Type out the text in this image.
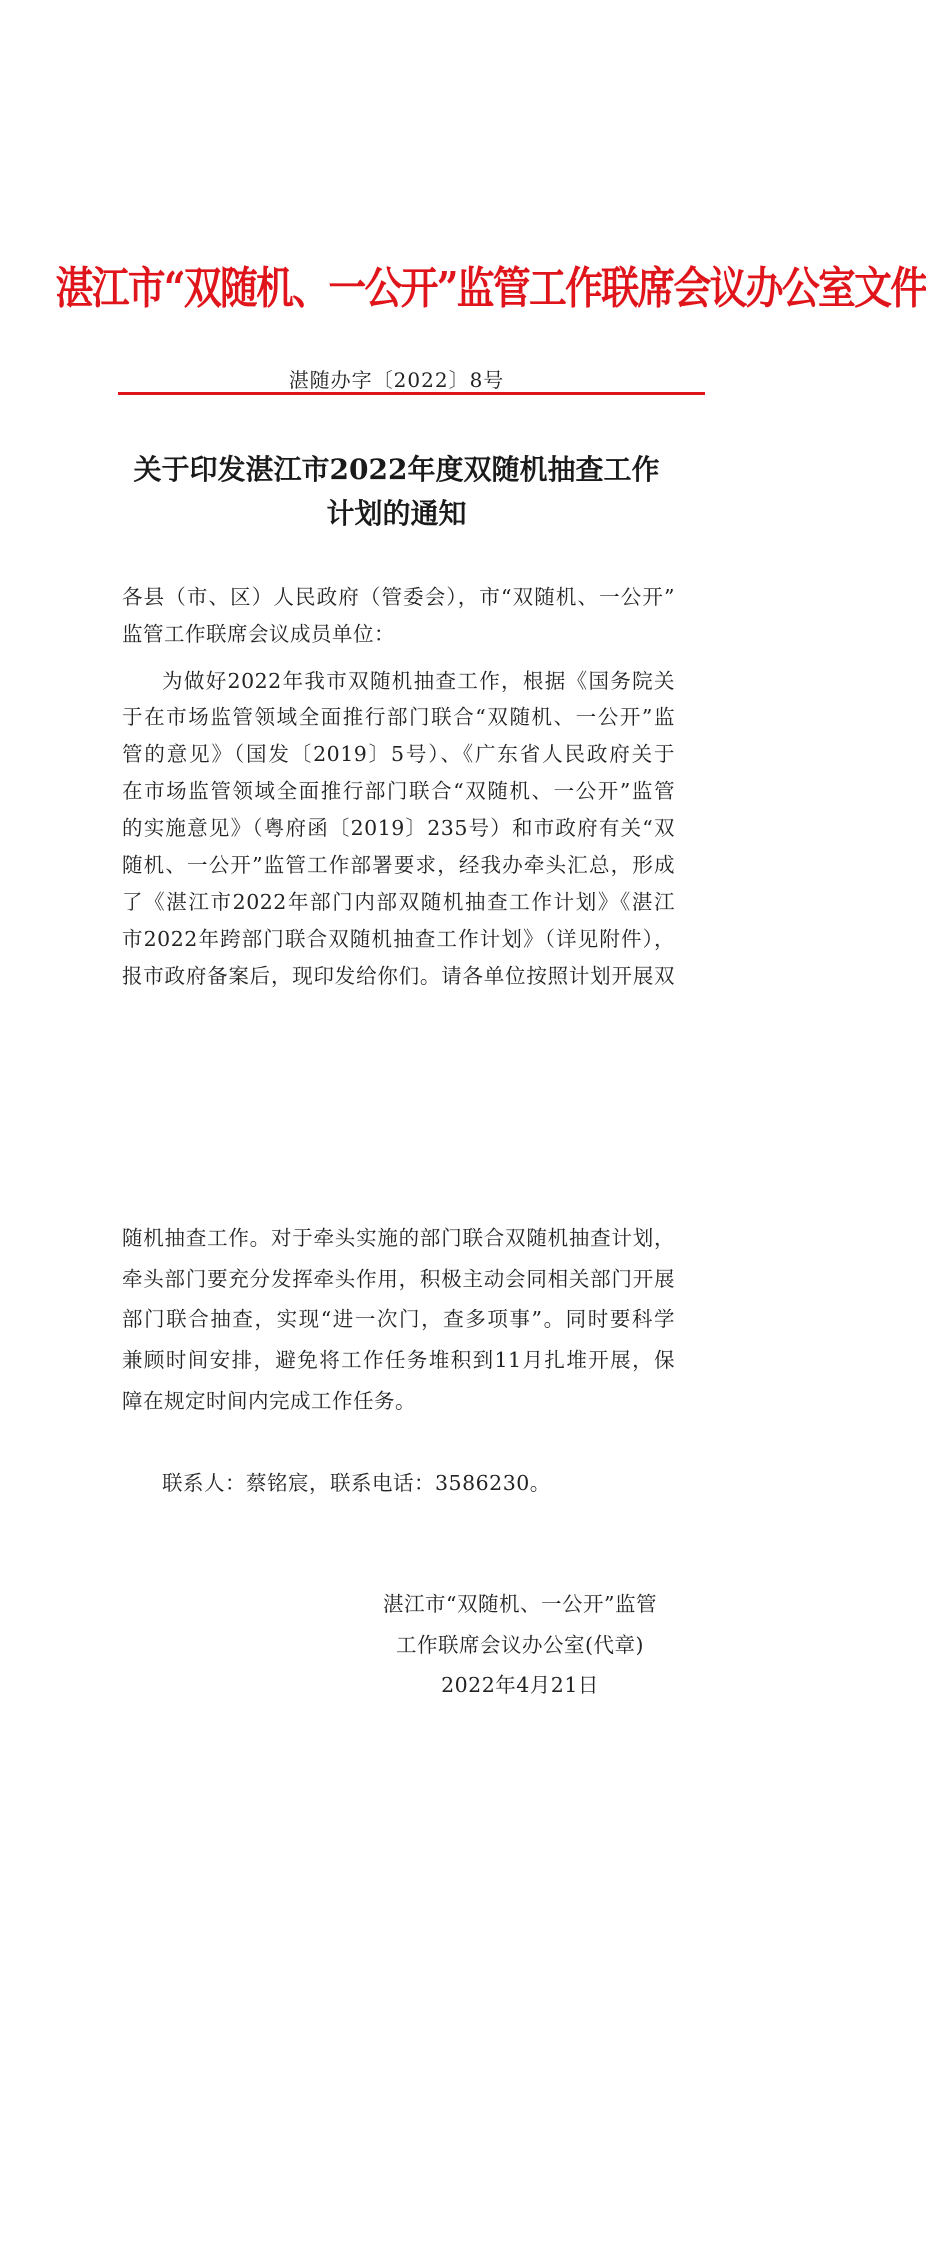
湛江市“双随机、一公开”监管工作联席会议办公室文件
湛随办字〔2022〕8号
关于印发湛江市2022年度双随机抽查工作
计划的通知
各县（市、区）人民政府（管委会），市“双随机、一公开”
监管工作联席会议成员单位：
为做好2022年我市双随机抽查工作，根据《国务院关
于在市场监管领域全面推行部门联合“双随机、一公开”监
管的意见》（国发〔2019〕5号）、《广东省人民政府关于
在市场监管领域全面推行部门联合“双随机、一公开”监管
的实施意见》（粤府函〔2019〕235号）和市政府有关“双
随机、一公开”监管工作部署要求，经我办牵头汇总，形成
了《湛江市2022年部门内部双随机抽查工作计划》《湛江
市2022年跨部门联合双随机抽查工作计划》（详见附件），
报市政府备案后，现印发给你们。请各单位按照计划开展双
随机抽查工作。对于牵头实施的部门联合双随机抽查计划，
牵头部门要充分发挥牵头作用，积极主动会同相关部门开展
部门联合抽查，实现“进一次门，查多项事”。同时要科学
兼顾时间安排，避免将工作任务堆积到11月扎堆开展，保
障在规定时间内完成工作任务。
联系人：蔡铭宸，联系电话：3586230。
湛江市“双随机、一公开”监管
工作联席会议办公室(代章)
2022年4月21日
